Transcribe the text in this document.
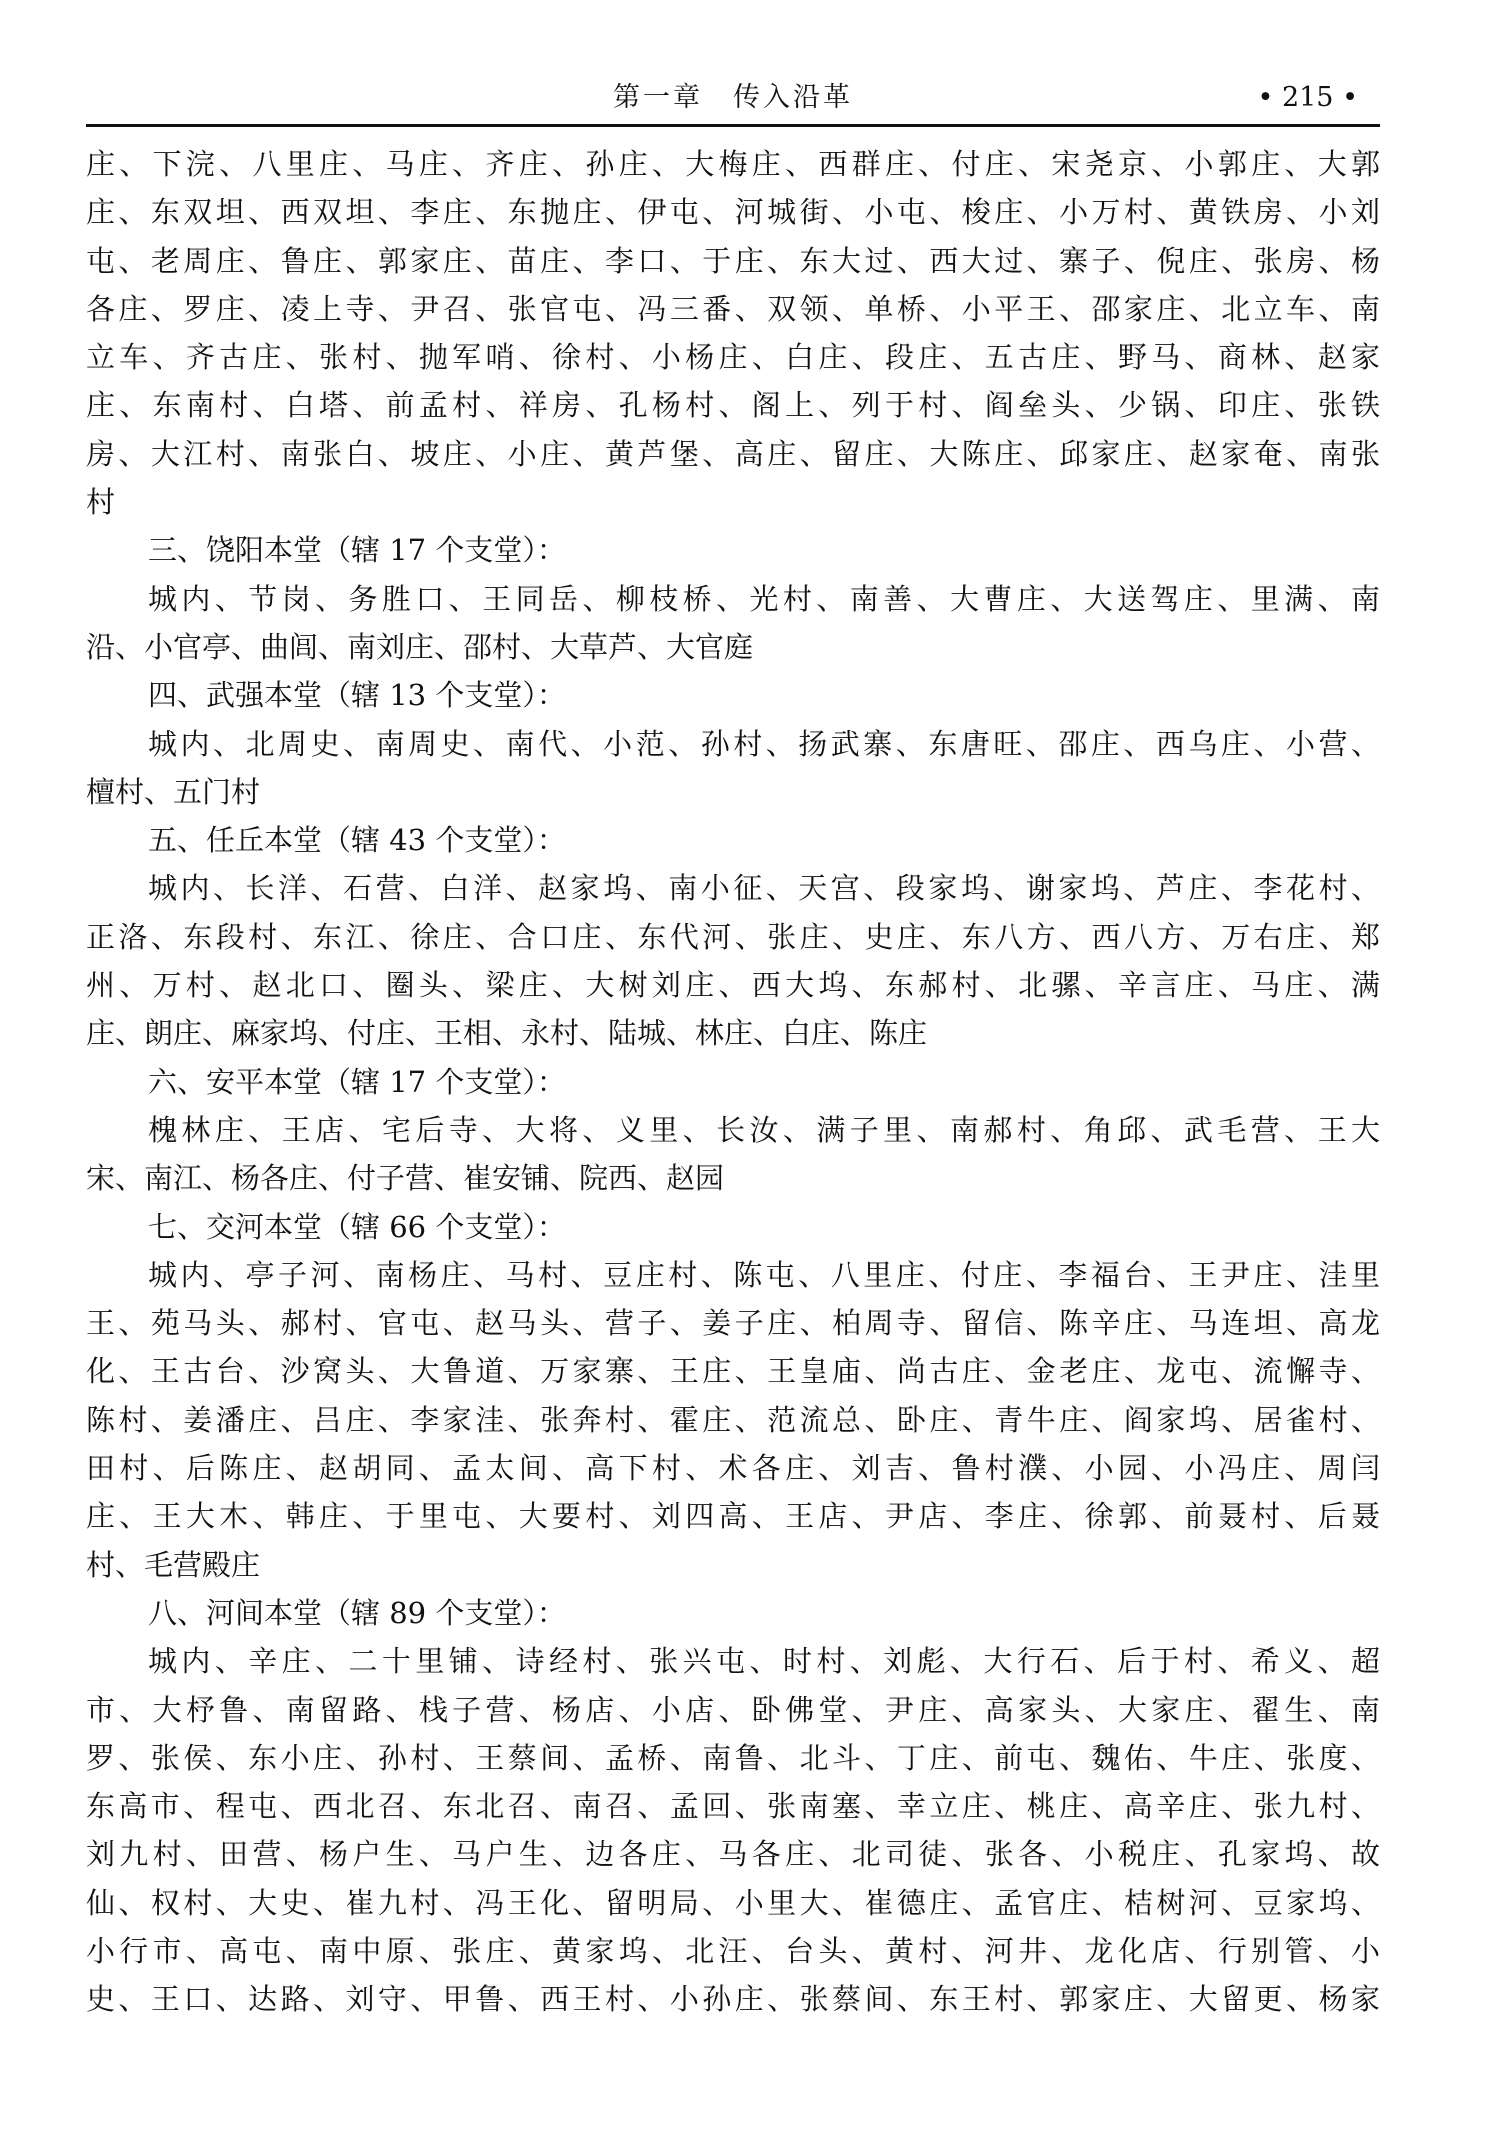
第一章　传入沿革	• 215 •
庄、下浣、八里庄、马庄、齐庄、孙庄、大梅庄、西群庄、付庄、宋尧京、小郭庄、大郭
庄、东双坦、西双坦、李庄、东抛庄、伊屯、河城街、小屯、梭庄、小万村、黄铁房、小刘
屯、老周庄、鲁庄、郭家庄、苗庄、李口、于庄、东大过、西大过、寨子、倪庄、张房、杨
各庄、罗庄、凌上寺、尹召、张官屯、冯三番、双领、单桥、小平王、邵家庄、北立车、南
立车、齐古庄、张村、抛军哨、徐村、小杨庄、白庄、段庄、五古庄、野马、商林、赵家
庄、东南村、白塔、前孟村、祥房、孔杨村、阁上、列于村、阎垒头、少锅、印庄、张铁
房、大江村、南张白、坡庄、小庄、黄芦堡、高庄、留庄、大陈庄、邱家庄、赵家奄、南张
村
三、饶阳本堂（辖 17 个支堂）：
城内、节岗、务胜口、王同岳、柳枝桥、光村、南善、大曹庄、大送驾庄、里满、南
沿、小官亭、曲闾、南刘庄、邵村、大草芦、大官庭
四、武强本堂（辖 13 个支堂）：
城内、北周史、南周史、南代、小范、孙村、扬武寨、东唐旺、邵庄、西乌庄、小营、
檀村、五门村
五、任丘本堂（辖 43 个支堂）：
城内、长洋、石营、白洋、赵家坞、南小征、天宫、段家坞、谢家坞、芦庄、李花村、
正洛、东段村、东江、徐庄、合口庄、东代河、张庄、史庄、东八方、西八方、万右庄、郑
州、万村、赵北口、圈头、梁庄、大树刘庄、西大坞、东郝村、北骡、辛言庄、马庄、满
庄、朗庄、麻家坞、付庄、王相、永村、陆城、林庄、白庄、陈庄
六、安平本堂（辖 17 个支堂）：
槐林庄、王店、宅后寺、大将、义里、长汝、满子里、南郝村、角邱、武毛营、王大
宋、南江、杨各庄、付子营、崔安铺、院西、赵园
七、交河本堂（辖 66 个支堂）：
城内、亭子河、南杨庄、马村、豆庄村、陈屯、八里庄、付庄、李福台、王尹庄、洼里
王、苑马头、郝村、官屯、赵马头、营子、姜子庄、柏周寺、留信、陈辛庄、马连坦、高龙
化、王古台、沙窝头、大鲁道、万家寨、王庄、王皇庙、尚古庄、金老庄、龙屯、流懈寺、
陈村、姜潘庄、吕庄、李家洼、张奔村、霍庄、范流总、卧庄、青牛庄、阎家坞、居雀村、
田村、后陈庄、赵胡同、孟太间、高下村、术各庄、刘吉、鲁村濮、小园、小冯庄、周闫
庄、王大木、韩庄、于里屯、大要村、刘四高、王店、尹店、李庄、徐郭、前聂村、后聂
村、毛营殿庄
八、河间本堂（辖 89 个支堂）：
城内、辛庄、二十里铺、诗经村、张兴屯、时村、刘彪、大行石、后于村、希义、超
市、大杼鲁、南留路、栈子营、杨店、小店、卧佛堂、尹庄、高家头、大家庄、翟生、南
罗、张侯、东小庄、孙村、王蔡间、孟桥、南鲁、北斗、丁庄、前屯、魏佑、牛庄、张度、
东高市、程屯、西北召、东北召、南召、孟回、张南塞、幸立庄、桃庄、高辛庄、张九村、
刘九村、田营、杨户生、马户生、边各庄、马各庄、北司徒、张各、小税庄、孔家坞、故
仙、权村、大史、崔九村、冯王化、留明局、小里大、崔德庄、孟官庄、桔树河、豆家坞、
小行市、高屯、南中原、张庄、黄家坞、北汪、台头、黄村、河井、龙化店、行别管、小
史、王口、达路、刘守、甲鲁、西王村、小孙庄、张蔡间、东王村、郭家庄、大留更、杨家
